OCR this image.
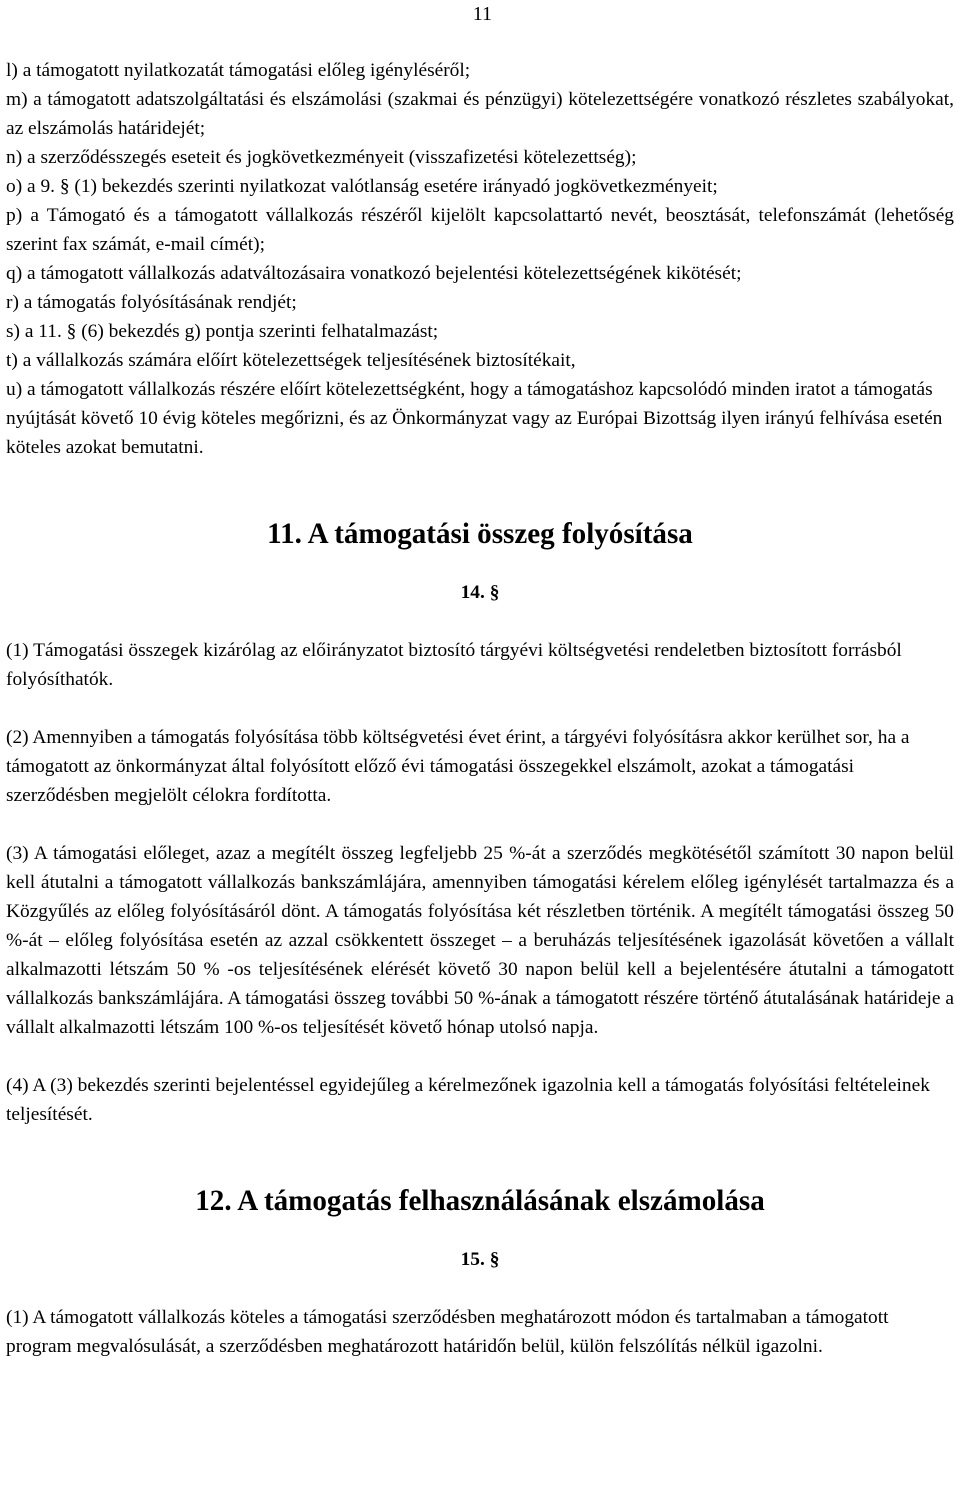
11

l) a támogatott nyilatkozatát támogatási előleg igényléséről;

m) a támogatott adatszolgáltatási és elszámolási (szakmai és pénzügyi) kötelezettségére vonatkozó részletes szabályokat, az elszámolás határidejét;

n) a szerződésszegés eseteit és jogkövetkezményeit (visszafizetési kötelezettség);

o) a 9. § (1) bekezdés szerinti nyilatkozat valótlanság esetére irányadó jogkövetkezményeit;

p) a Támogató és a támogatott vállalkozás részéről kijelölt kapcsolattartó nevét, beosztását, telefonszámát (lehetőség szerint fax számát, e-mail címét);

q) a támogatott vállalkozás adatváltozásaira vonatkozó bejelentési kötelezettségének kikötését;

r) a támogatás folyósításának rendjét;

s) a 11. § (6) bekezdés g) pontja szerinti felhatalmazást;

t) a vállalkozás számára előírt kötelezettségek teljesítésének biztosítékait,

u) a támogatott vállalkozás részére előírt kötelezettségként, hogy a támogatáshoz kapcsolódó minden iratot a támogatás nyújtását követő 10 évig köteles megőrizni, és az Önkormányzat vagy az Európai Bizottság ilyen irányú felhívása esetén köteles azokat bemutatni.

11. A támogatási összeg folyósítása
14. §

(1) Támogatási összegek kizárólag az előirányzatot biztosító tárgyévi költségvetési rendeletben biztosított forrásból folyósíthatók.

(2) Amennyiben a támogatás folyósítása több költségvetési évet érint, a tárgyévi folyósításra akkor kerülhet sor, ha a támogatott az önkormányzat által folyósított előző évi támogatási összegekkel elszámolt, azokat a támogatási szerződésben megjelölt célokra fordította.

(3) A támogatási előleget, azaz a megítélt összeg legfeljebb 25 %-át a szerződés megkötésétől számított 30 napon belül kell átutalni a támogatott vállalkozás bankszámlájára, amennyiben támogatási kérelem előleg igénylését tartalmazza és a Közgyűlés az előleg folyósításáról dönt. A támogatás folyósítása két részletben történik. A megítélt támogatási összeg 50 %-át – előleg folyósítása esetén az azzal csökkentett összeget – a beruházás teljesítésének igazolását követően a vállalt alkalmazotti létszám 50 % -os teljesítésének elérését követő 30 napon belül kell a bejelentésére átutalni a támogatott vállalkozás bankszámlájára. A támogatási összeg további 50 %-ának a támogatott részére történő átutalásának határideje a vállalt alkalmazotti létszám 100 %-os teljesítését követő hónap utolsó napja.

(4) A (3) bekezdés szerinti bejelentéssel egyidejűleg a kérelmezőnek igazolnia kell a támogatás folyósítási feltételeinek teljesítését.

12. A támogatás felhasználásának elszámolása
15. §

(1) A támogatott vállalkozás köteles a támogatási szerződésben meghatározott módon és tartalmaban a támogatott program megvalósulását, a szerződésben meghatározott határidőn belül, külön felszólítás nélkül igazolni.
